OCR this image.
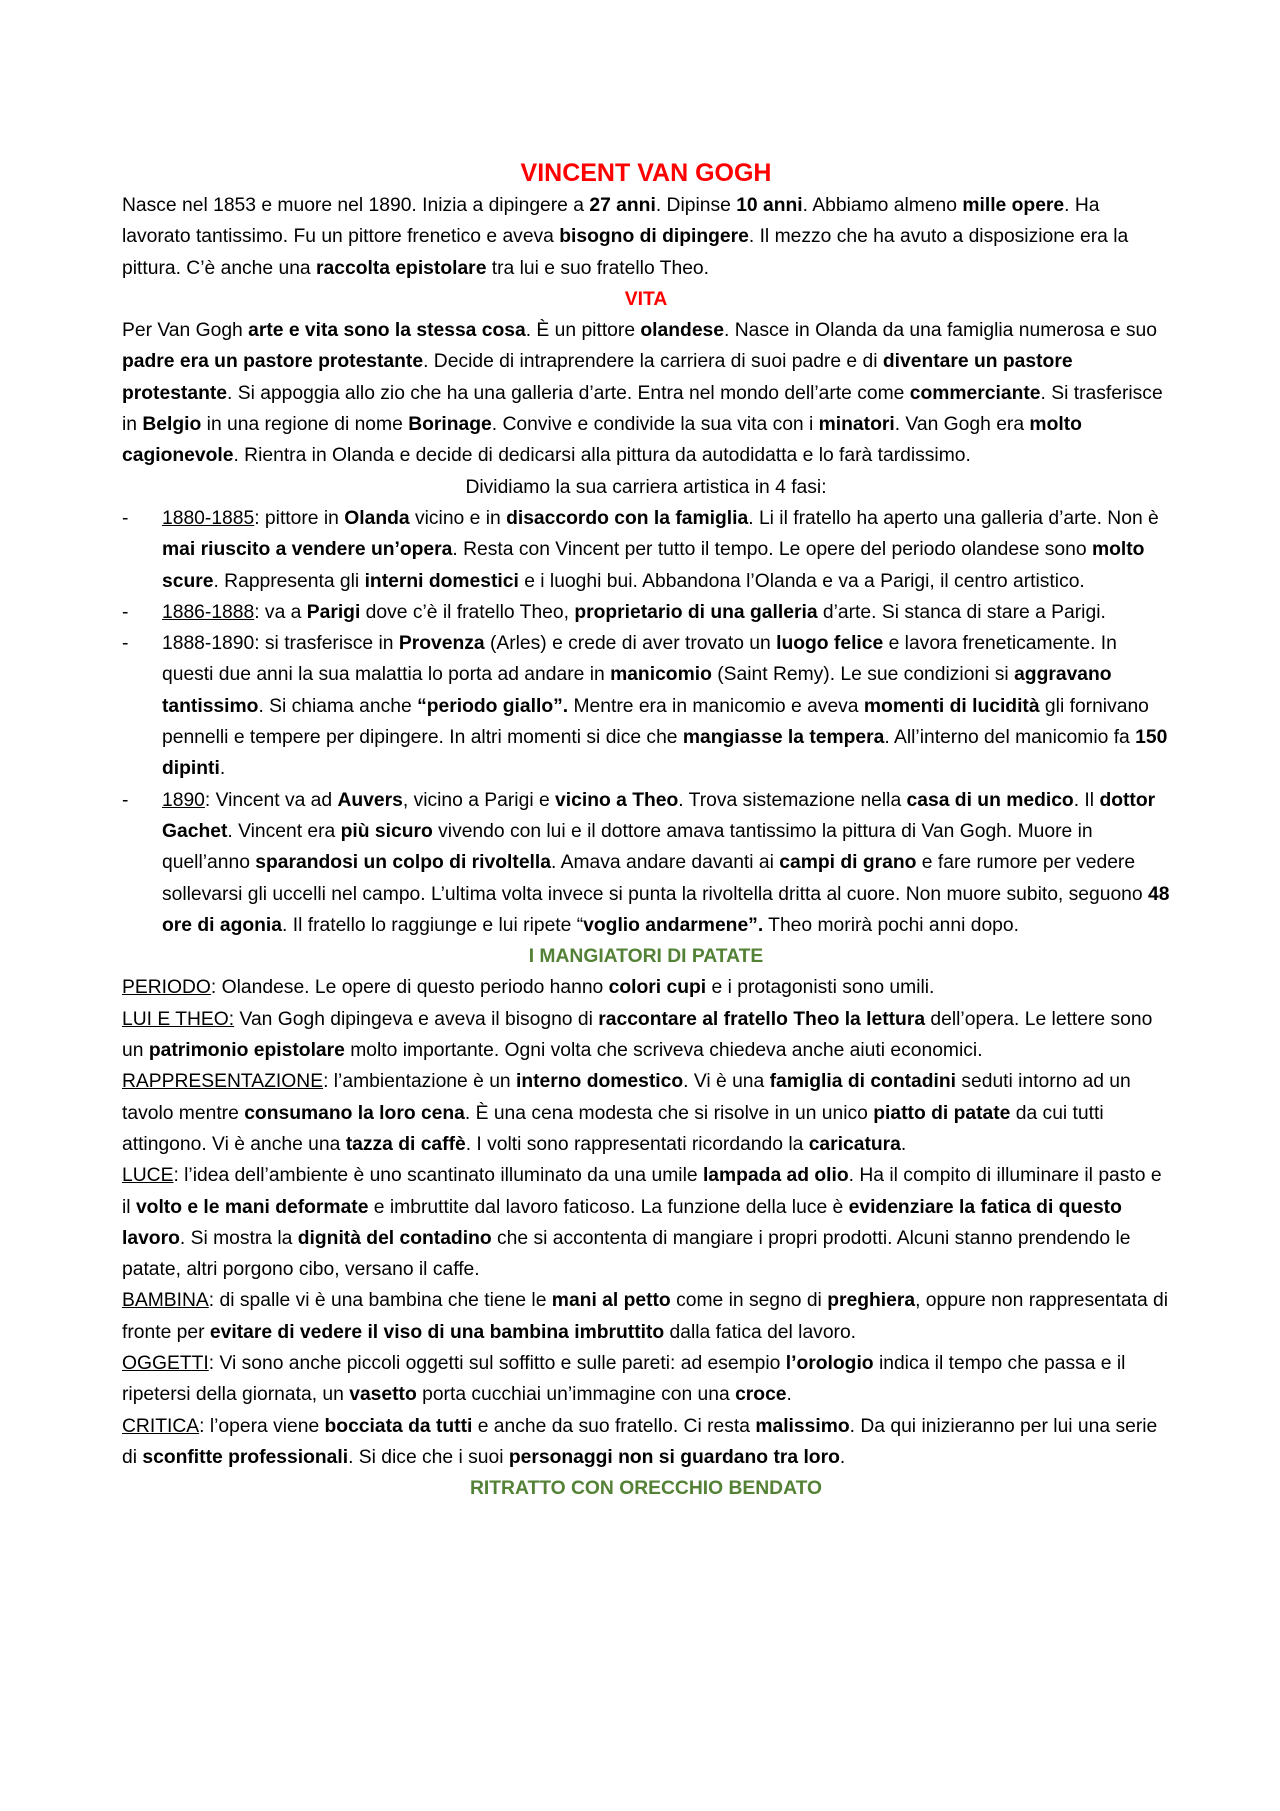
VINCENT VAN GOGH

Nasce nel 1853 e muore nel 1890. Inizia a dipingere a 27 anni. Dipinse 10 anni. Abbiamo almeno mille opere. Ha lavorato tantissimo. Fu un pittore frenetico e aveva bisogno di dipingere. Il mezzo che ha avuto a disposizione era la pittura. C’è anche una raccolta epistolare tra lui e suo fratello Theo.

VITA

Per Van Gogh arte e vita sono la stessa cosa. È un pittore olandese. Nasce in Olanda da una famiglia numerosa e suo padre era un pastore protestante. Decide di intraprendere la carriera di suoi padre e di diventare un pastore protestante. Si appoggia allo zio che ha una galleria d’arte. Entra nel mondo dell’arte come commerciante. Si trasferisce in Belgio in una regione di nome Borinage. Convive e condivide la sua vita con i minatori. Van Gogh era molto cagionevole. Rientra in Olanda e decide di dedicarsi alla pittura da autodidatta e lo farà tardissimo.

Dividiamo la sua carriera artistica in 4 fasi:

- 1880-1885: pittore in Olanda vicino e in disaccordo con la famiglia. Li il fratello ha aperto una galleria d’arte. Non è mai riuscito a vendere un’opera. Resta con Vincent per tutto il tempo. Le opere del periodo olandese sono molto scure. Rappresenta gli interni domestici e i luoghi bui. Abbandona l’Olanda e va a Parigi, il centro artistico.
- 1886-1888: va a Parigi dove c’è il fratello Theo, proprietario di una galleria d’arte. Si stanca di stare a Parigi.
- 1888-1890: si trasferisce in Provenza (Arles) e crede di aver trovato un luogo felice e lavora freneticamente. In questi due anni la sua malattia lo porta ad andare in manicomio (Saint Remy). Le sue condizioni si aggravano tantissimo. Si chiama anche “periodo giallo”. Mentre era in manicomio e aveva momenti di lucidità gli fornivano pennelli e tempere per dipingere. In altri momenti si dice che mangiasse la tempera. All’interno del manicomio fa 150 dipinti.
- 1890: Vincent va ad Auvers, vicino a Parigi e vicino a Theo. Trova sistemazione nella casa di un medico. Il dottor Gachet. Vincent era più sicuro vivendo con lui e il dottore amava tantissimo la pittura di Van Gogh. Muore in quell’anno sparandosi un colpo di rivoltella. Amava andare davanti ai campi di grano e fare rumore per vedere sollevarsi gli uccelli nel campo. L’ultima volta invece si punta la rivoltella dritta al cuore. Non muore subito, seguono 48 ore di agonia. Il fratello lo raggiunge e lui ripete “voglio andarmene”. Theo morirà pochi anni dopo.
I MANGIATORI DI PATATE

PERIODO: Olandese. Le opere di questo periodo hanno colori cupi e i protagonisti sono umili.

LUI E THEO: Van Gogh dipingeva e aveva il bisogno di raccontare al fratello Theo la lettura dell’opera. Le lettere sono un patrimonio epistolare molto importante. Ogni volta che scriveva chiedeva anche aiuti economici.

RAPPRESENTAZIONE: l’ambientazione è un interno domestico. Vi è una famiglia di contadini seduti intorno ad un tavolo mentre consumano la loro cena. È una cena modesta che si risolve in un unico piatto di patate da cui tutti attingono. Vi è anche una tazza di caffè. I volti sono rappresentati ricordando la caricatura.

LUCE: l’idea dell’ambiente è uno scantinato illuminato da una umile lampada ad olio. Ha il compito di illuminare il pasto e il volto e le mani deformate e imbruttite dal lavoro faticoso. La funzione della luce è evidenziare la fatica di questo lavoro. Si mostra la dignità del contadino che si accontenta di mangiare i propri prodotti. Alcuni stanno prendendo le patate, altri porgono cibo, versano il caffe.

BAMBINA: di spalle vi è una bambina che tiene le mani al petto come in segno di preghiera, oppure non rappresentata di fronte per evitare di vedere il viso di una bambina imbruttito dalla fatica del lavoro.

OGGETTI: Vi sono anche piccoli oggetti sul soffitto e sulle pareti: ad esempio l’orologio indica il tempo che passa e il ripetersi della giornata, un vasetto porta cucchiai un’immagine con una croce.

CRITICA: l’opera viene bocciata da tutti e anche da suo fratello. Ci resta malissimo. Da qui inizieranno per lui una serie di sconfitte professionali. Si dice che i suoi personaggi non si guardano tra loro.

RITRATTO CON ORECCHIO BENDATO
